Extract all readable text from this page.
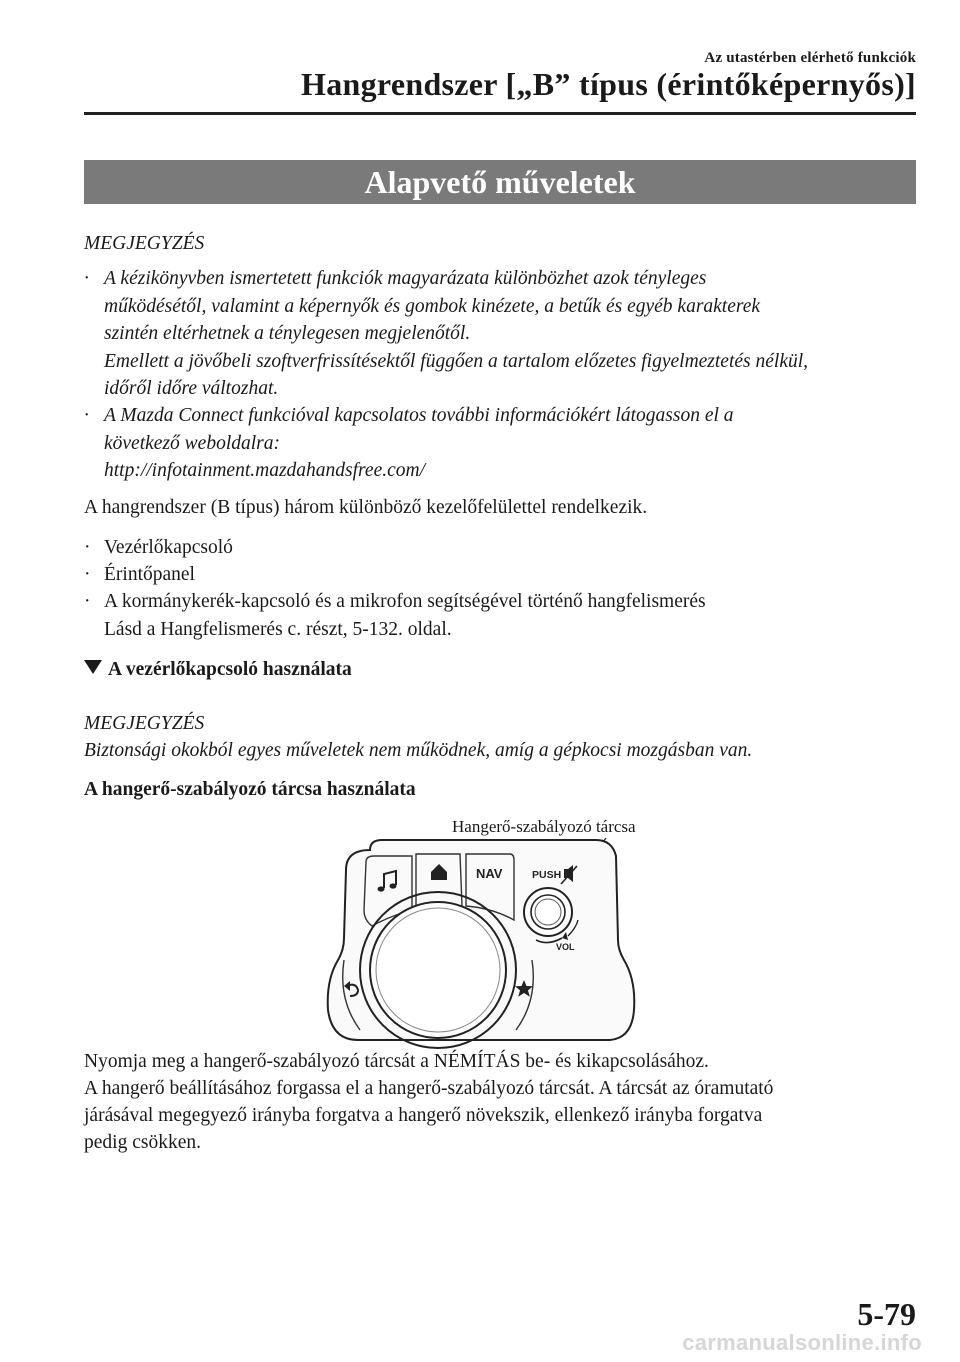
Az utastérben elérhető funkciók
Hangrendszer [„B” típus (érintőképernyős)]
Alapvető műveletek
MEGJEGYZÉS
· A kézikönyvben ismertetett funkciók magyarázata különbözhet azok tényleges
működésétől, valamint a képernyők és gombok kinézete, a betűk és egyéb karakterek
szintén eltérhetnek a ténylegesen megjelenőtől.
Emellett a jövőbeli szoftverfrissítésektől függően a tartalom előzetes figyelmeztetés nélkül,
időről időre változhat.
· A Mazda Connect funkcióval kapcsolatos további információkért látogasson el a
következő weboldalra:
http://infotainment.mazdahandsfree.com/
A hangrendszer (B típus) három különböző kezelőfelülettel rendelkezik.
· Vezérlőkapcsoló
· Érintőpanel
· A kormánykerék-kapcsoló és a mikrofon segítségével történő hangfelismerés
Lásd a Hangfelismerés c. részt, 5-132. oldal.
A vezérlőkapcsoló használata
MEGJEGYZÉS
Biztonsági okokból egyes műveletek nem működnek, amíg a gépkocsi mozgásban van.
A hangerő-szabályozó tárcsa használata
Hangerő-szabályozó tárcsa
NAV	PUSH
VOL
Nyomja meg a hangerő-szabályozó tárcsát a NÉMÍTÁS be- és kikapcsolásához.
A hangerő beállításához forgassa el a hangerő-szabályozó tárcsát. A tárcsát az óramutató
járásával megegyező irányba forgatva a hangerő növekszik, ellenkező irányba forgatva
pedig csökken.
5-79
carmanualsonline.info
